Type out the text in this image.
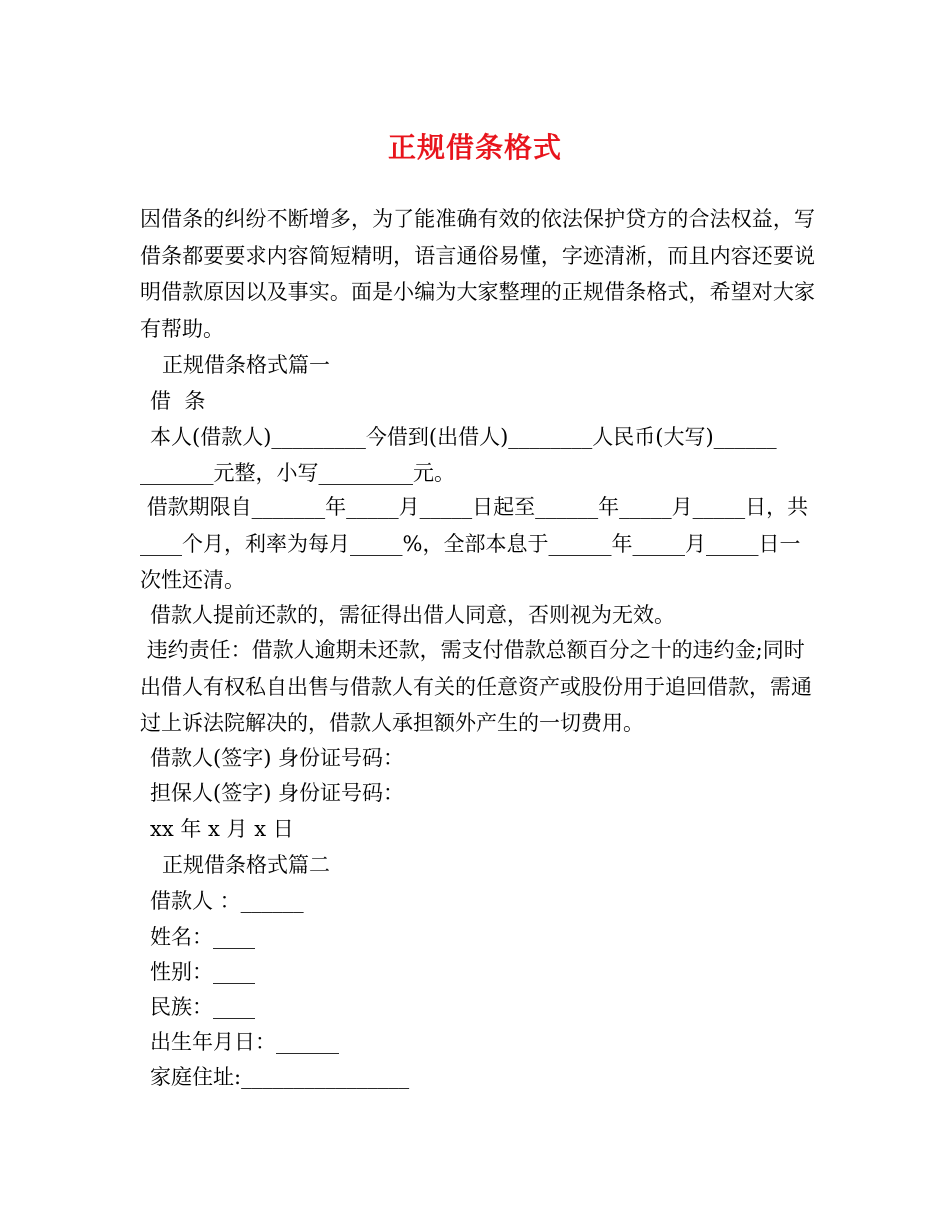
正规借条格式
因借条的纠纷不断增多，为了能准确有效的依法保护贷方的合法权益，写借条都要要求内容简短精明，语言通俗易懂，字迹清淅，而且内容还要说明借款原因以及事实。面是小编为大家整理的正规借条格式，希望对大家有帮助。
正规借条格式篇一
借  条
本人(借款人)_________今借到(出借人)________人民币(大写)______
_______元整，小写_________元。
借款期限自_______年_____月_____日起至______年_____月_____日，共____个月，利率为每月_____%，全部本息于______年_____月_____日一次性还清。
借款人提前还款的，需征得出借人同意，否则视为无效。
违约责任：借款人逾期未还款，需支付借款总额百分之十的违约金;同时出借人有权私自出售与借款人有关的任意资产或股份用于追回借款，需通过上诉法院解决的，借款人承担额外产生的一切费用。
借款人(签字) 身份证号码：
担保人(签字) 身份证号码：
xx 年 x 月 x 日
正规借条格式篇二
借款人 ：______
姓名：____
性别：____
民族：____
出生年月日：______
家庭住址:________________
